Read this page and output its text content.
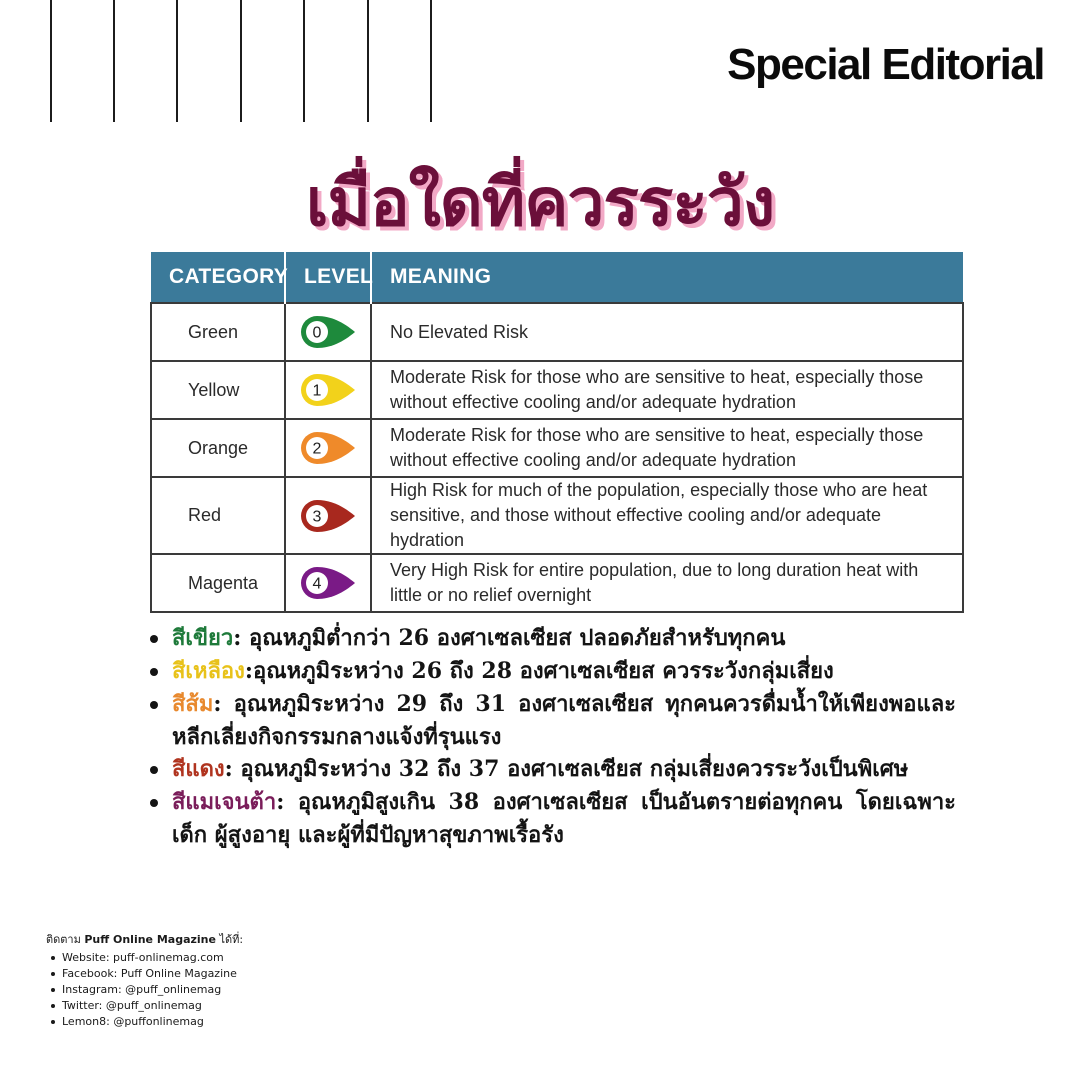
Special Editorial
เมื่อใดที่ควรระวัง
CATEGORY	LEVEL	MEANING
Green	0	No Elevated Risk
Yellow	1	Moderate Risk for those who are sensitive to heat, especially those without effective cooling and/or adequate hydration
Orange	2	Moderate Risk for those who are sensitive to heat, especially those without effective cooling and/or adequate hydration
Red	3	High Risk for much of the population, especially those who are heat sensitive, and those without effective cooling and/or adequate hydration
Magenta	4	Very High Risk for entire population, due to long duration heat with little or no relief overnight
สีเขียว: อุณหภูมิต่ำกว่า 26 องศาเซลเซียส ปลอดภัยสำหรับทุกคน
สีเหลือง:อุณหภูมิระหว่าง 26 ถึง 28 องศาเซลเซียส ควรระวังกลุ่มเสี่ยง
สีส้ม: อุณหภูมิระหว่าง 29 ถึง 31 องศาเซลเซียส ทุกคนควรดื่มน้ำให้เพียงพอและหลีกเลี่ยงกิจกรรมกลางแจ้งที่รุนแรง
สีแดง: อุณหภูมิระหว่าง 32 ถึง 37 องศาเซลเซียส กลุ่มเสี่ยงควรระวังเป็นพิเศษ
สีแมเจนต้า: อุณหภูมิสูงเกิน 38 องศาเซลเซียส เป็นอันตรายต่อทุกคน โดยเฉพาะเด็ก ผู้สูงอายุ และผู้ที่มีปัญหาสุขภาพเรื้อรัง
ติดตาม Puff Online Magazine ได้ที่:
Website: puff-onlinemag.com
Facebook: Puff Online Magazine
Instagram: @puff_onlinemag
Twitter: @puff_onlinemag
Lemon8: @puffonlinemag
